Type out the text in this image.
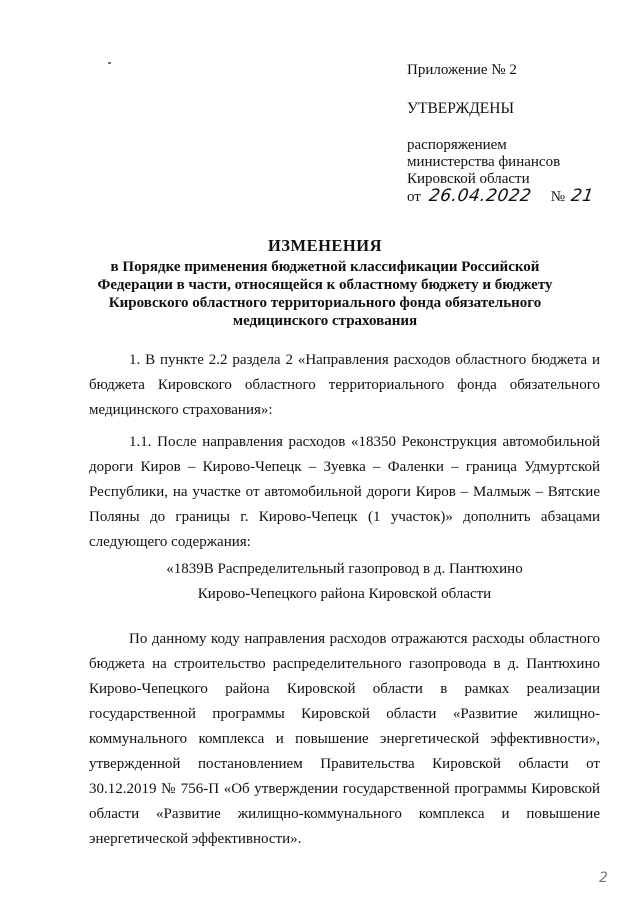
Приложение № 2

УТВЕРЖДЕНЫ

распоряжением

министерства финансов

Кировской области

от 26.04.2022 № 21

ИЗМЕНЕНИЯ

в Порядке применения бюджетной классификации Российской

Федерации в части, относящейся к областному бюджету и бюджету

Кировского областного территориального фонда обязательного

медицинского страхования

1. В пункте 2.2 раздела 2 «Направления расходов областного бюджета и бюджета Кировского областного территориального фонда обязательного медицинского страхования»:
1.1. После направления расходов «18350 Реконструкция автомобильной дороги Киров – Кирово-Чепецк – Зуевка – Фаленки – граница Удмуртской Республики, на участке от автомобильной дороги Киров – Малмыж – Вятские Поляны до границы г. Кирово-Чепецк (1 участок)» дополнить абзацами следующего содержания:
«1839В Распределительный газопровод в д. Пантюхино
Кирово-Чепецкого района Кировской области
По данному коду направления расходов отражаются расходы областного бюджета на строительство распределительного газопровода в д. Пантюхино Кирово-Чепецкого района Кировской области в рамках реализации государственной программы Кировской области «Развитие жилищно-коммунального комплекса и повышение энергетической эффективности», утвержденной постановлением Правительства Кировской области от 30.12.2019 № 756-П «Об утверждении государственной программы Кировской области «Развитие жилищно-коммунального комплекса и повышение энергетической эффективности».
2
